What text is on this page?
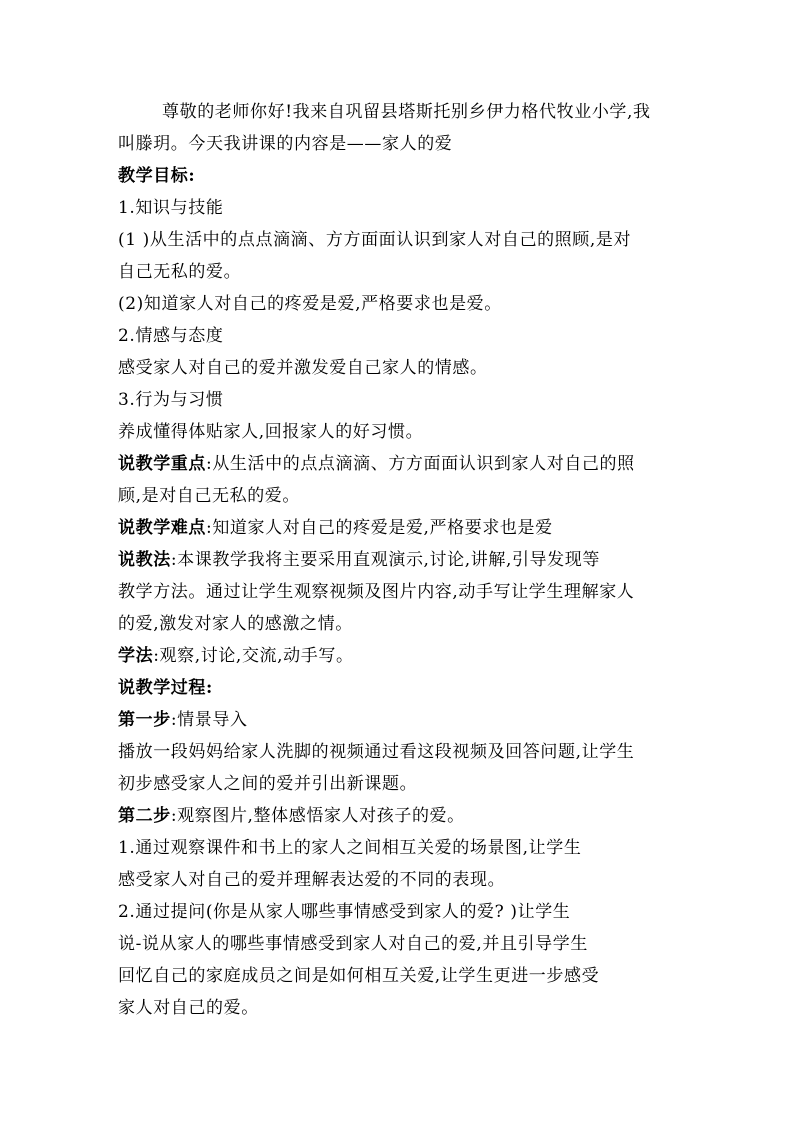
尊敬的老师你好!我来自巩留县塔斯托别乡伊力格代牧业小学,我
叫滕玥。今天我讲课的内容是——家人的爱
教学目标:
1.知识与技能
(1 )从生活中的点点滴滴、方方面面认识到家人对自己的照顾,是对
自己无私的爱。
(2)知道家人对自己的疼爱是爱,严格要求也是爱。
2.情感与态度
感受家人对自己的爱并激发爱自己家人的情感。
3.行为与习惯
养成懂得体贴家人,回报家人的好习惯。
说教学重点:从生活中的点点滴滴、方方面面认识到家人对自己的照
顾,是对自己无私的爱。
说教学难点:知道家人对自己的疼爱是爱,严格要求也是爱
说教法:本课教学我将主要采用直观演示,讨论,讲解,引导发现等
教学方法。通过让学生观察视频及图片内容,动手写让学生理解家人
的爱,激发对家人的感激之情。
学法:观察,讨论,交流,动手写。
说教学过程:
第一步:情景导入
播放一段妈妈给家人洗脚的视频通过看这段视频及回答问题,让学生
初步感受家人之间的爱并引出新课题。
第二步:观察图片,整体感悟家人对孩子的爱。
1.通过观察课件和书上的家人之间相互关爱的场景图,让学生
感受家人对自己的爱并理解表达爱的不同的表现。
2.通过提问(你是从家人哪些事情感受到家人的爱? )让学生
说-说从家人的哪些事情感受到家人对自己的爱,并且引导学生
回忆自己的家庭成员之间是如何相互关爱,让学生更进一步感受
家人对自己的爱。
